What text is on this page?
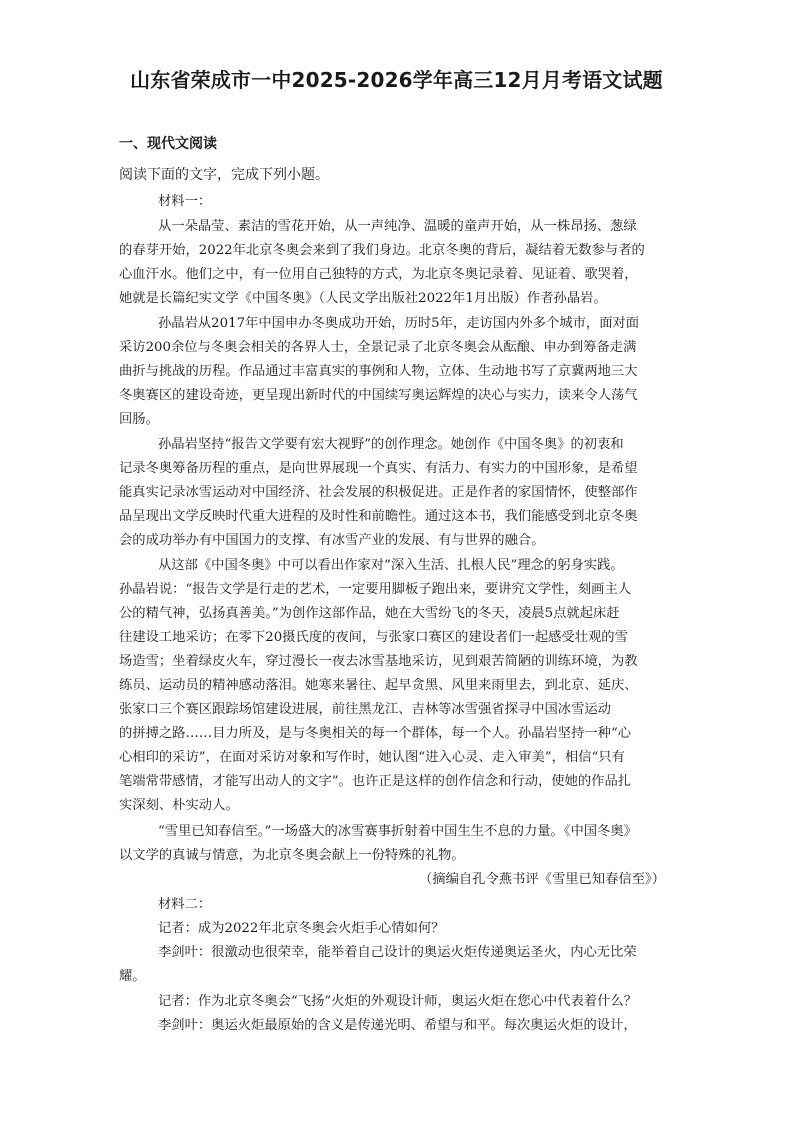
山东省荣成市一中2025-2026学年高三12月月考语文试题
一、现代文阅读
阅读下面的文字，完成下列小题。
材料一：
从一朵晶莹、素洁的雪花开始，从一声纯净、温暖的童声开始，从一株昂扬、葱绿
的春芽开始，2022年北京冬奥会来到了我们身边。北京冬奥的背后，凝结着无数参与者的
心血汗水。他们之中，有一位用自己独特的方式，为北京冬奥记录着、见证着、歌哭着，
她就是长篇纪实文学《中国冬奥》（人民文学出版社2022年1月出版）作者孙晶岩。
孙晶岩从2017年中国申办冬奥成功开始，历时5年，走访国内外多个城市，面对面
采访200余位与冬奥会相关的各界人士，全景记录了北京冬奥会从酝酿、申办到筹备走满
曲折与挑战的历程。作品通过丰富真实的事例和人物，立体、生动地书写了京冀两地三大
冬奥赛区的建设奇迹，更呈现出新时代的中国续写奥运辉煌的决心与实力，读来令人荡气
回肠。
孙晶岩坚持“报告文学要有宏大视野”的创作理念。她创作《中国冬奥》的初衷和
记录冬奥筹备历程的重点，是向世界展现一个真实、有活力、有实力的中国形象，是希望
能真实记录冰雪运动对中国经济、社会发展的积极促进。正是作者的家国情怀，使整部作
品呈现出文学反映时代重大进程的及时性和前瞻性。通过这本书，我们能感受到北京冬奥
会的成功举办有中国国力的支撑、有冰雪产业的发展、有与世界的融合。
从这部《中国冬奥》中可以看出作家对“深入生活、扎根人民”理念的躬身实践。
孙晶岩说：“报告文学是行走的艺术，一定要用脚板子跑出来，要讲究文学性，刻画主人
公的精气神，弘扬真善美。”为创作这部作品，她在大雪纷飞的冬天，凌晨5点就起床赶
往建设工地采访；在零下20摄氏度的夜间，与张家口赛区的建设者们一起感受壮观的雪
场造雪；坐着绿皮火车，穿过漫长一夜去冰雪基地采访，见到艰苦简陋的训练环境，为教
练员、运动员的精神感动落泪。她寒来暑往、起早贪黑、风里来雨里去，到北京、延庆、
张家口三个赛区跟踪场馆建设进展，前往黑龙江、吉林等冰雪强省探寻中国冰雪运动
的拼搏之路……目力所及，是与冬奥相关的每一个群体，每一个人。孙晶岩坚持一种“心
心相印的采访”，在面对采访对象和写作时，她认图“进入心灵、走入审美”，相信“只有
笔端常带感情，才能写出动人的文字”。也许正是这样的创作信念和行动，使她的作品扎
实深刻、朴实动人。
“雪里已知春信至。”一场盛大的冰雪赛事折射着中国生生不息的力量。《中国冬奥》
以文学的真诚与情意，为北京冬奥会献上一份特殊的礼物。
（摘编自孔令燕书评《雪里已知春信至》）
材料二：
记者：成为2022年北京冬奥会火炬手心情如何？
李剑叶：很激动也很荣幸，能举着自己设计的奥运火炬传递奥运圣火，内心无比荣
耀。
记者：作为北京冬奥会“飞扬”火炬的外观设计师，奥运火炬在您心中代表着什么？
李剑叶：奥运火炬最原始的含义是传递光明、希望与和平。每次奥运火炬的设计，
